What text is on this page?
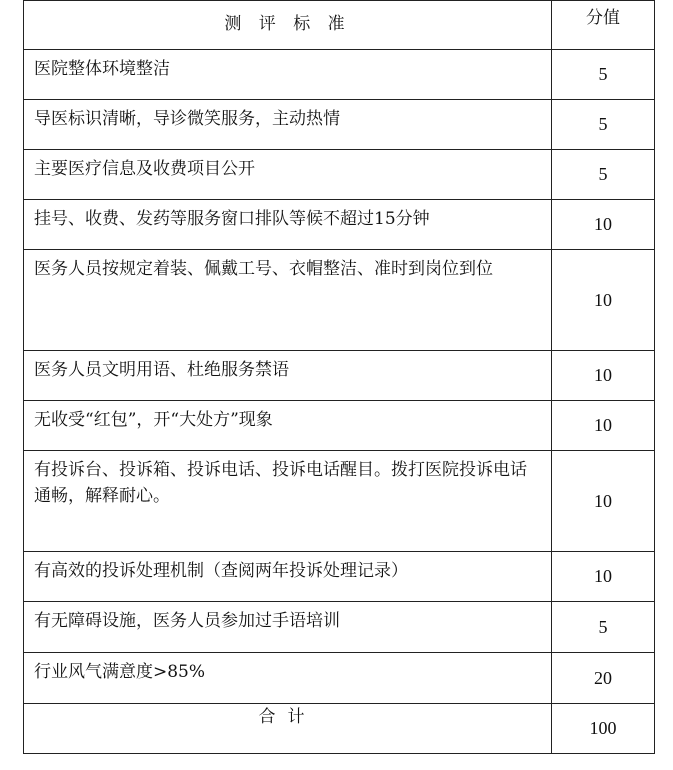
测 评 标 准	分值

医院整体环境整洁	5

导医标识清晰，导诊微笑服务，主动热情	5

主要医疗信息及收费项目公开	5

挂号、收费、发药等服务窗口排队等候不超过15分钟	10

医务人员按规定着装、佩戴工号、衣帽整洁、准时到岗位到位	10

医务人员文明用语、杜绝服务禁语	10

无收受“红包”，开“大处方”现象	10

有投诉台、投诉箱、投诉电话、投诉电话醒目。拨打医院投诉电话通畅，解释耐心。	10

有高效的投诉处理机制（查阅两年投诉处理记录）	10

有无障碍设施，医务人员参加过手语培训	5

行业风气满意度>85%	20

合计	100
